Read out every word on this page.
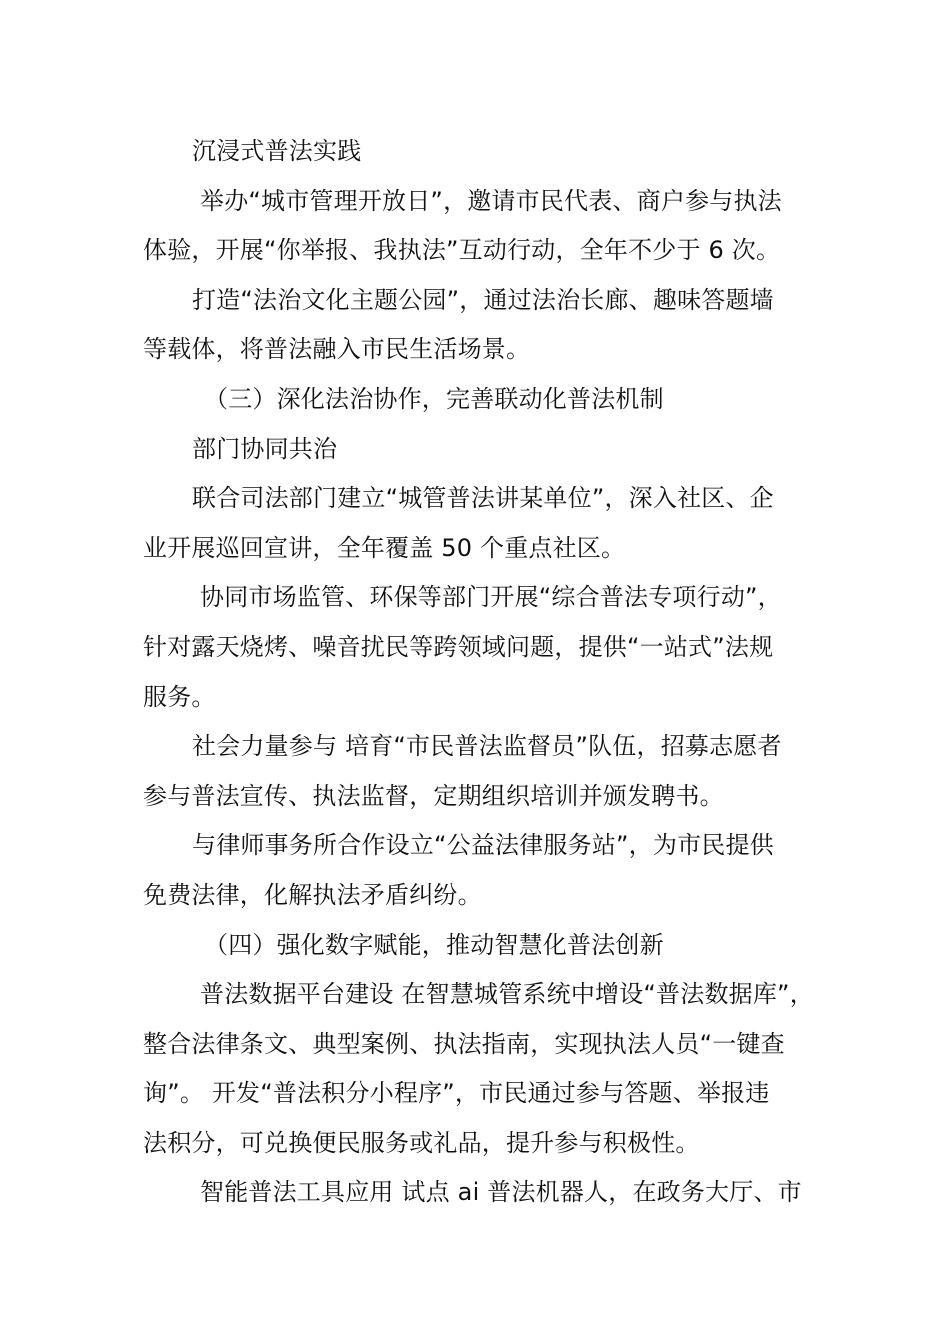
沉浸式普法实践
举办“城市管理开放日”，邀请市民代表、商户参与执法
体验，开展“你举报、我执法”互动行动，全年不少于 6 次。
打造“法治文化主题公园”，通过法治长廊、趣味答题墙
等载体，将普法融入市民生活场景。
（三）深化法治协作，完善联动化普法机制
部门协同共治
联合司法部门建立“城管普法讲某单位”，深入社区、企
业开展巡回宣讲，全年覆盖 50 个重点社区。
协同市场监管、环保等部门开展“综合普法专项行动”，
针对露天烧烤、噪音扰民等跨领域问题，提供“一站式”法规
服务。
社会力量参与 培育“市民普法监督员”队伍，招募志愿者
参与普法宣传、执法监督，定期组织培训并颁发聘书。
与律师事务所合作设立“公益法律服务站”，为市民提供
免费法律，化解执法矛盾纠纷。
（四）强化数字赋能，推动智慧化普法创新
普法数据平台建设 在智慧城管系统中增设“普法数据库”，
整合法律条文、典型案例、执法指南，实现执法人员“一键查
询”。 开发“普法积分小程序”，市民通过参与答题、举报违
法积分，可兑换便民服务或礼品，提升参与积极性。
智能普法工具应用 试点 ai 普法机器人，在政务大厅、市
